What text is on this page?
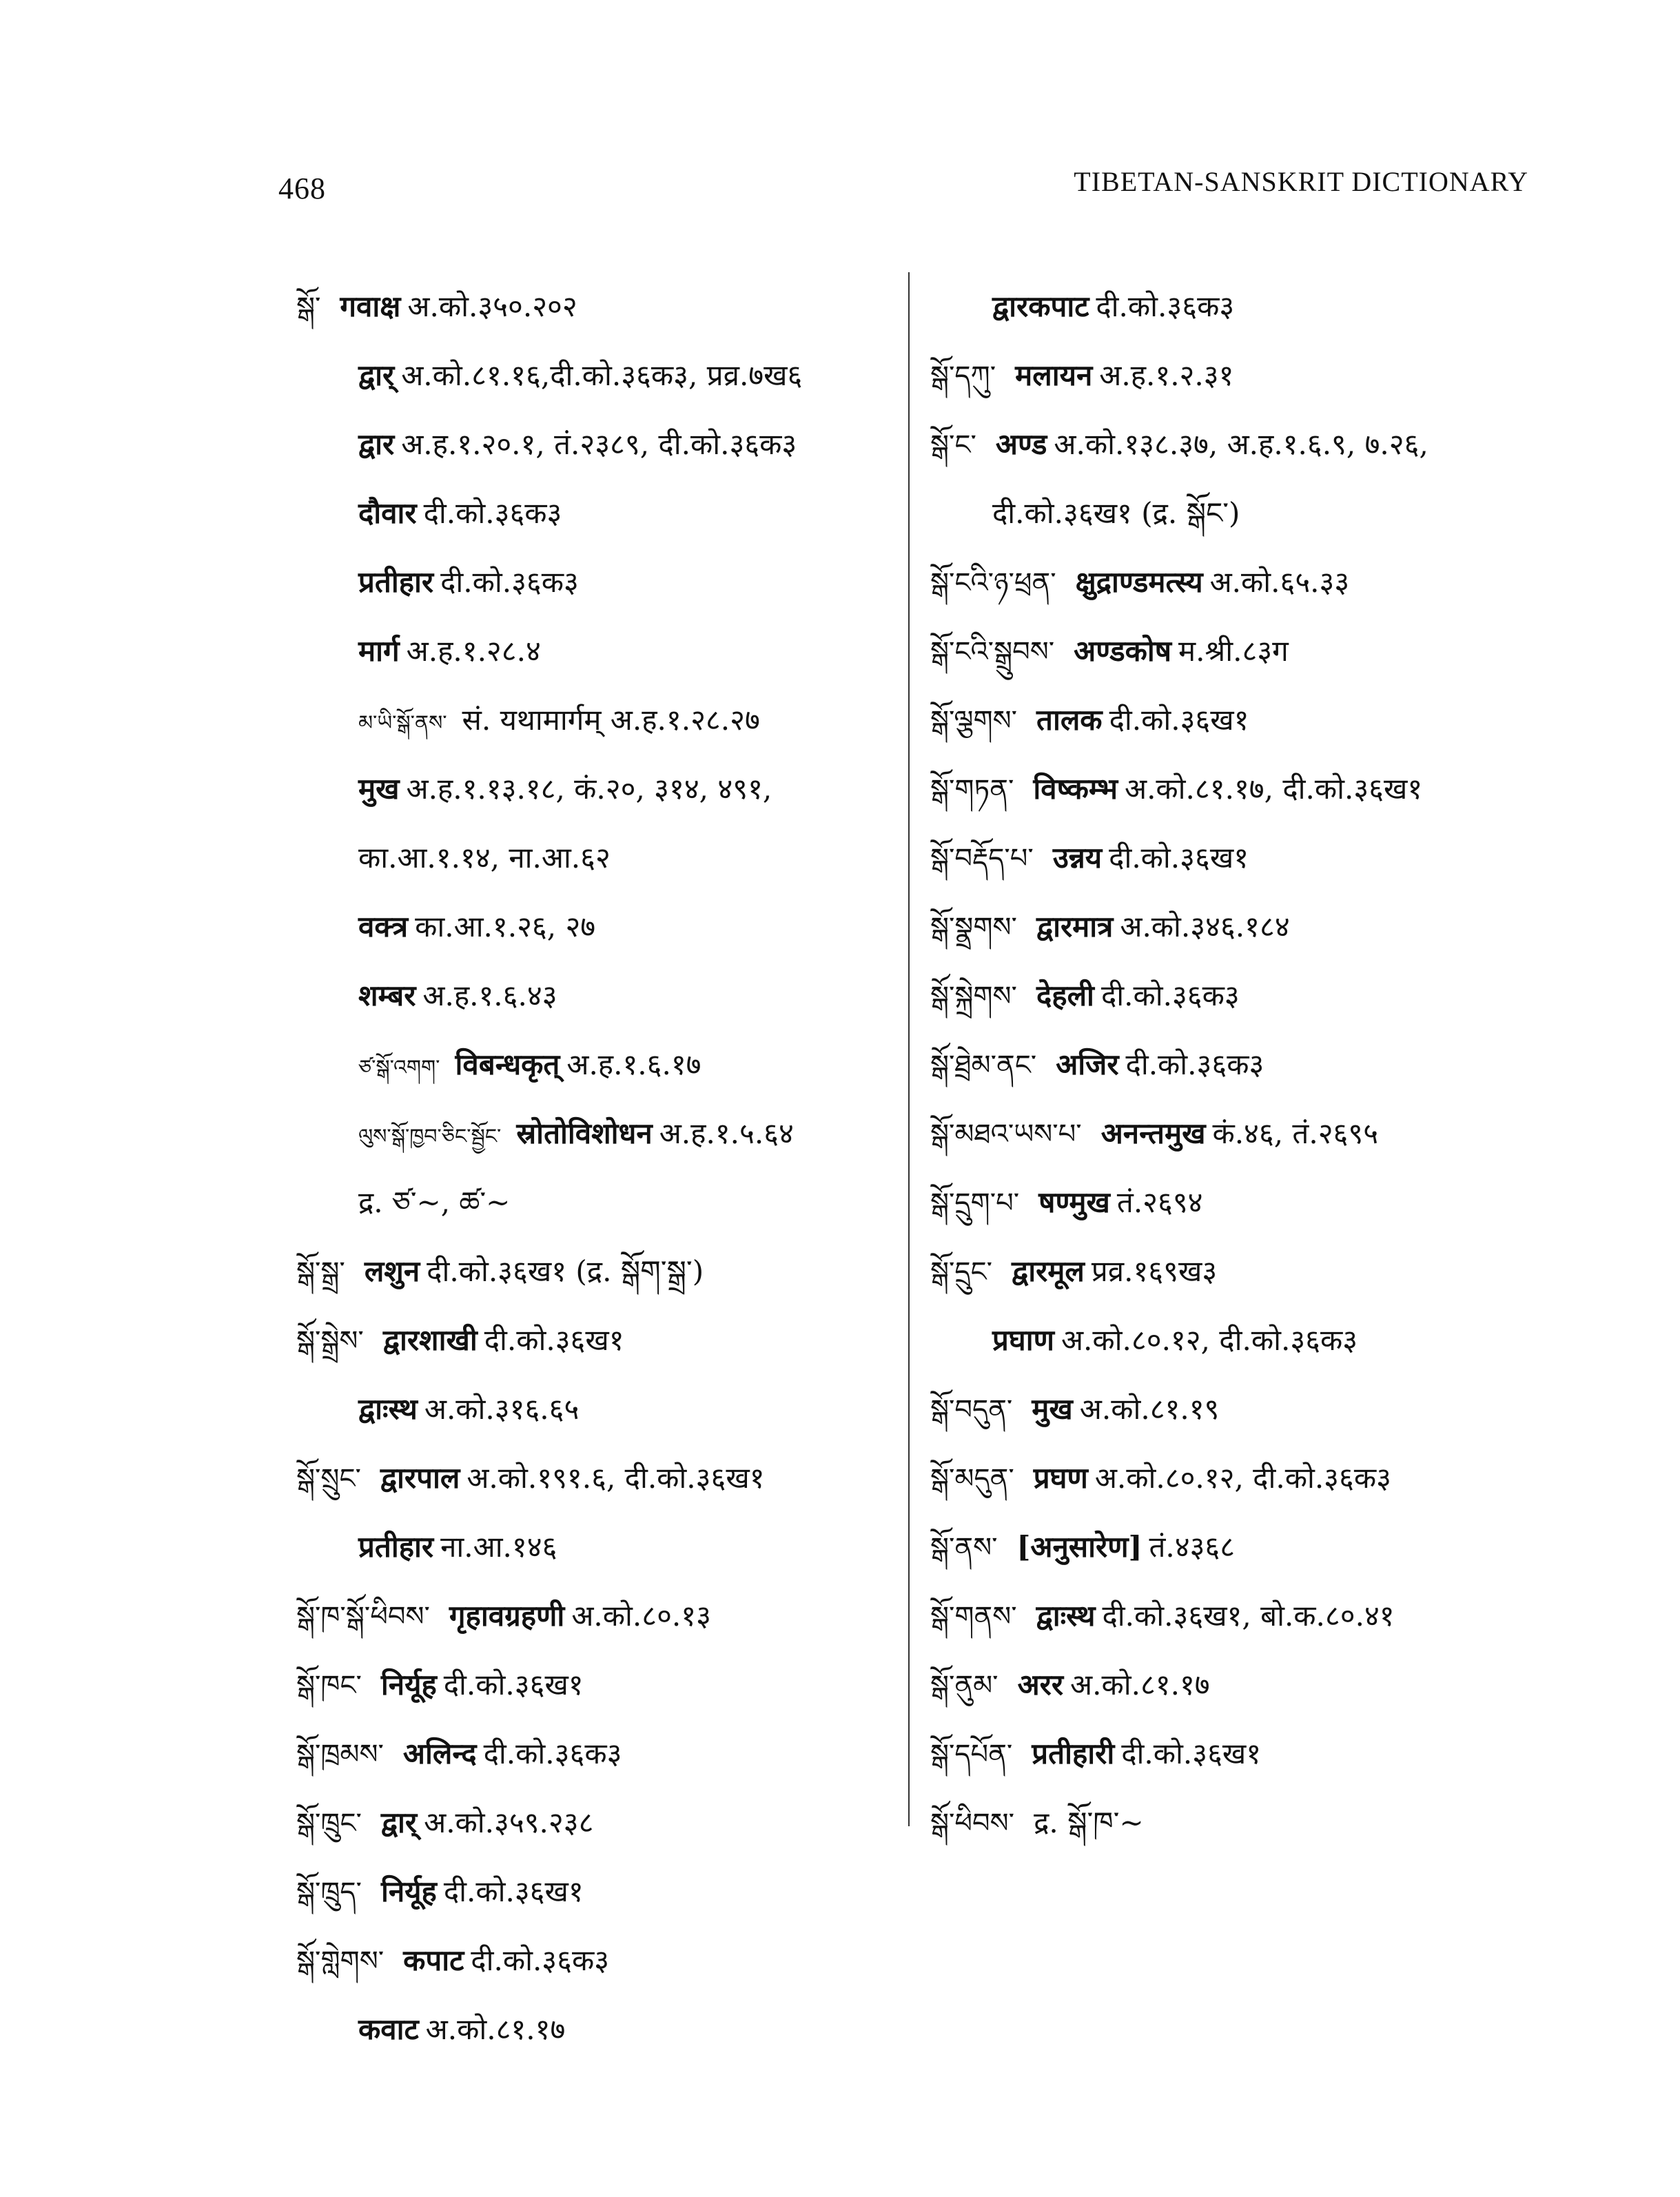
468	TIBETAN-SANSKRIT DICTIONARY
སྒོ་ गवाक्ष अ.को.३५०.२०२
द्वार् अ.को.८१.१६,दी.को.३६क३, प्रव्र.७ख६
द्वार अ.ह.१.२०.१, तं.२३८९, दी.को.३६क३
दौवार दी.को.३६क३
प्रतीहार दी.को.३६क३
मार्ग अ.ह.१.२८.४
མ་ཡི་སྒོ་ནས་ सं. यथामार्गम् अ.ह.१.२८.२७
मुख अ.ह.१.१३.१८, कं.२०, ३१४, ४९१,
का.आ.१.१४, ना.आ.६२
वक्त्र का.आ.१.२६, २७
शम्बर अ.ह.१.६.४३
ཙ་སྒོ་འགག་ विबन्धकृत् अ.ह.१.६.१७
ལུས་སྒོ་ཁྱབ་ཅིང་སྦྱོང་ स्रोतोविशोधन अ.ह.१.५.६४
द्र. ཙ་~, ཚ་~
སྒོ་སྒྲ་ लशुन दी.को.३६ख१ (द्र. སྒོག་སྒྲ་)
སྒོ་སྒྲེས་ द्वारशाखी दी.को.३६ख१
द्वाःस्थ अ.को.३१६.६५
སྒོ་སྲུང་ द्वारपाल अ.को.१९१.६, दी.को.३६ख१
प्रतीहार ना.आ.१४६
སྒོ་ཁ་སྒོ་ཕིབས་ गृहावग्रहणी अ.को.८०.१३
སྒོ་ཁང་ निर्यूह दी.को.३६ख१
སྒོ་ཁྲམས་ अलिन्द दी.को.३६क३
སྒོ་ཁྲུང་ द्वार् अ.को.३५९.२३८
སྒོ་ཁྲུད་ निर्यूह दी.को.३६ख१
སྒོ་གླེགས་ कपाट दी.को.३६क३
कवाट अ.को.८१.१७
द्वारकपाट दी.को.३६क३
སྒོ་དཀུ་ मलायन अ.ह.१.२.३१
སྒོ་ང་ अण्ड अ.को.१३८.३७, अ.ह.१.६.९, ७.२६,
दी.को.३६ख१ (द्र. སྒོང་)
སྒོ་ངའི་ཉ་ཕྲན་ क्षुद्राण्डमत्स्य अ.को.६५.३३
སྒོ་ངའི་སྒྲུབས་ अण्डकोष म.श्री.८३ग
སྒོ་ལྕགས་ तालक दी.को.३६ख१
སྒོ་གཏན་ विष्कम्भ अ.को.८१.१७, दी.को.३६ख१
སྒོ་བརྡོད་པ་ उन्नय दी.को.३६ख१
སྒོ་སྣྲགས་ द्वारमात्र अ.को.३४६.१८४
སྒོ་སྐྲེགས་ देहली दी.को.३६क३
སྒོ་ཐྲེམ་ནང་ अजिर दी.को.३६क३
སྒོ་མཐའ་ཡས་པ་ अनन्तमुख कं.४६, तं.२६९५
སྒོ་དྲུག་པ་ षण्मुख तं.२६९४
སྒོ་དྲུང་ द्वारमूल प्रव्र.१६९ख३
प्रघाण अ.को.८०.१२, दी.को.३६क३
སྒོ་བདུན་ मुख अ.को.८१.१९
སྒོ་མདུན་ प्रघण अ.को.८०.१२, दी.को.३६क३
སྒོ་ནས་ [अनुसारेण] तं.४३६८
སྒོ་གནས་ द्वाःस्थ दी.को.३६ख१, बो.क.८०.४१
སྒོ་ནུམ་ अरर अ.को.८१.१७
སྒོ་དཔོན་ प्रतीहारी दी.को.३६ख१
སྒོ་ཕིབས་ द्र. སྒོ་ཁ་~
